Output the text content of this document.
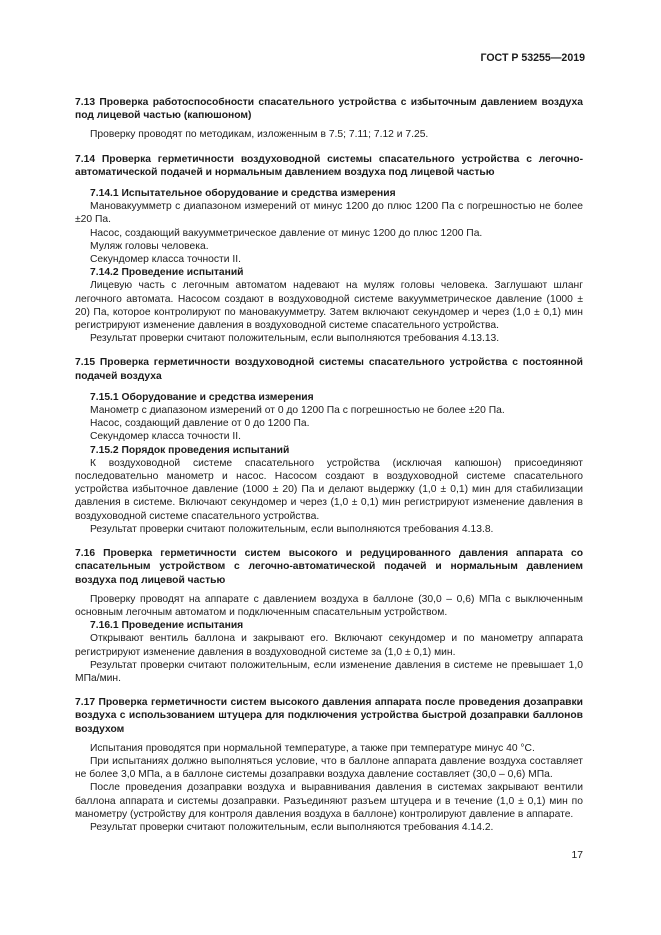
ГОСТ Р 53255—2019
7.13 Проверка работоспособности спасательного устройства с избыточным давлением воздуха под лицевой частью (капюшоном)

Проверку проводят по методикам, изложенным в 7.5; 7.11; 7.12 и 7.25.

7.14 Проверка герметичности воздуховодной системы спасательного устройства с легочно-автоматической подачей и нормальным давлением воздуха под лицевой частью
7.14.1 Испытательное оборудование и средства измерения

Мановакуумметр с диапазоном измерений от минус 1200 до плюс 1200 Па с погрешностью не более ±20 Па.

Насос, создающий вакуумметрическое давление от минус 1200 до плюс 1200 Па.

Муляж головы человека.

Секундомер класса точности II.

7.14.2 Проведение испытаний

Лицевую часть с легочным автоматом надевают на муляж головы человека. Заглушают шланг легочного автомата. Насосом создают в воздуховодной системе вакуумметрическое давление (1000 ± 20) Па, которое контролируют по мановакуумметру. Затем включают секундомер и через (1,0 ± 0,1) мин регистрируют изменение давления в воздуховодной системе спасательного устройства.

Результат проверки считают положительным, если выполняются требования 4.13.13.

7.15 Проверка герметичности воздуховодной системы спасательного устройства с постоянной подачей воздуха
7.15.1 Оборудование и средства измерения

Манометр с диапазоном измерений от 0 до 1200 Па с погрешностью не более ±20 Па.

Насос, создающий давление от 0 до 1200 Па.

Секундомер класса точности II.

7.15.2 Порядок проведения испытаний

К воздуховодной системе спасательного устройства (исключая капюшон) присоединяют последовательно манометр и насос. Насосом создают в воздуховодной системе спасательного устройства избыточное давление (1000 ± 20) Па и делают выдержку (1,0 ± 0,1) мин для стабилизации давления в системе. Включают секундомер и через (1,0 ± 0,1) мин регистрируют изменение давления в воздуховодной системе спасательного устройства.

Результат проверки считают положительным, если выполняются требования 4.13.8.

7.16 Проверка герметичности систем высокого и редуцированного давления аппарата со спасательным устройством с легочно-автоматической подачей и нормальным давлением воздуха под лицевой частью

Проверку проводят на аппарате с давлением воздуха в баллоне (30,0 – 0,6) МПа с выключенным основным легочным автоматом и подключенным спасательным устройством.

7.16.1 Проведение испытания

Открывают вентиль баллона и закрывают его. Включают секундомер и по манометру аппарата регистрируют изменение давления в воздуховодной системе за (1,0 ± 0,1) мин.

Результат проверки считают положительным, если изменение давления в системе не превышает 1,0 МПа/мин.

7.17 Проверка герметичности систем высокого давления аппарата после проведения дозаправки воздуха с использованием штуцера для подключения устройства быстрой дозаправки баллонов воздухом

Испытания проводятся при нормальной температуре, а также при температуре минус 40 °С.

При испытаниях должно выполняться условие, что в баллоне аппарата давление воздуха составляет не более 3,0 МПа, а в баллоне системы дозаправки воздуха давление составляет (30,0 – 0,6) МПа.

После проведения дозаправки воздуха и выравнивания давления в системах закрывают вентили баллона аппарата и системы дозаправки. Разъединяют разъем штуцера и в течение (1,0 ± 0,1) мин по манометру (устройству для контроля давления воздуха в баллоне) контролируют давление в аппарате.

Результат проверки считают положительным, если выполняются требования 4.14.2.

17
